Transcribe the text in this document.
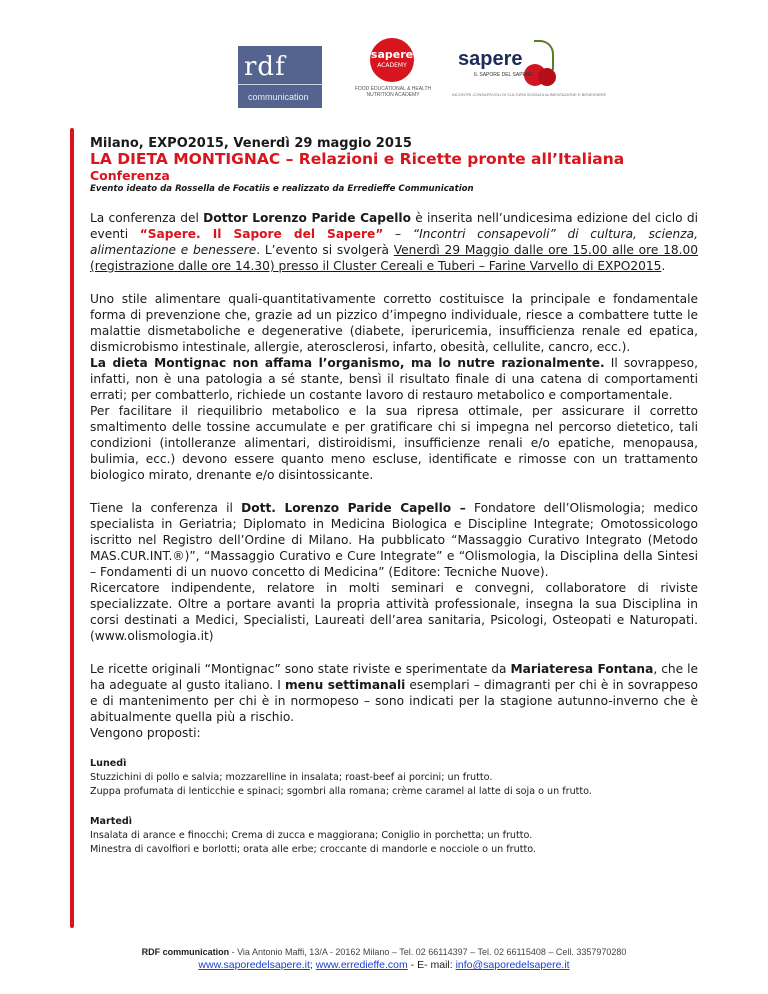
rdf
communication
sapere
ACADEMY
FOOD EDUCATIONAL & HEALTH NUTRITION ACADEMY
sapere
IL SAPORE DEL SAPERE
INCONTRI CONSAPEVOLI DI CULTURA SCIENZA ALIMENTAZIONE E BENESSERE
Milano, EXPO2015, Venerdì 29 maggio 2015
LA DIETA MONTIGNAC – Relazioni e Ricette pronte all’Italiana
Conferenza
Evento ideato da Rossella de Focatiis e realizzato da Erredieffe Communication

La conferenza del Dottor Lorenzo Paride Capello è inserita nell’undicesima edizione del ciclo di eventi “Sapere. Il Sapore del Sapere” – “Incontri consapevoli” di cultura, scienza, alimentazione e benessere. L’evento si svolgerà Venerdì 29 Maggio dalle ore 15.00 alle ore 18.00 (registrazione dalle ore 14.30) presso il Cluster Cereali e Tuberi – Farine Varvello di EXPO2015.

Uno stile alimentare quali-quantitativamente corretto costituisce la principale e fondamentale forma di prevenzione che, grazie ad un pizzico d’impegno individuale, riesce a combattere tutte le malattie dismetaboliche e degenerative (diabete, iperuricemia, insufficienza renale ed epatica, dismicrobismo intestinale, allergie, aterosclerosi, infarto, obesità, cellulite, cancro, ecc.).
La dieta Montignac non affama l’organismo, ma lo nutre razionalmente. Il sovrappeso, infatti, non è una patologia a sé stante, bensì il risultato finale di una catena di comportamenti errati; per combatterlo, richiede un costante lavoro di restauro metabolico e comportamentale.
Per facilitare il riequilibrio metabolico e la sua ripresa ottimale, per assicurare il corretto smaltimento delle tossine accumulate e per gratificare chi si impegna nel percorso dietetico, tali condizioni (intolleranze alimentari, distiroidismi, insufficienze renali e/o epatiche, menopausa, bulimia, ecc.) devono essere quanto meno escluse, identificate e rimosse con un trattamento biologico mirato, drenante e/o disintossicante.

Tiene la conferenza il Dott. Lorenzo Paride Capello – Fondatore dell’Olismologia; medico specialista in Geriatria; Diplomato in Medicina Biologica e Discipline Integrate; Omotossicologo iscritto nel Registro dell’Ordine di Milano. Ha pubblicato “Massaggio Curativo Integrato (Metodo MAS.CUR.INT.®)”, “Massaggio Curativo e Cure Integrate” e “Olismologia, la Disciplina della Sintesi – Fondamenti di un nuovo concetto di Medicina” (Editore: Tecniche Nuove).
Ricercatore indipendente, relatore in molti seminari e convegni, collaboratore di riviste specializzate. Oltre a portare avanti la propria attività professionale, insegna la sua Disciplina in corsi destinati a Medici, Specialisti, Laureati dell’area sanitaria, Psicologi, Osteopati e Naturopati. (www.olismologia.it)

Le ricette originali “Montignac” sono state riviste e sperimentate da Mariateresa Fontana, che le ha adeguate al gusto italiano. I menu settimanali esemplari – dimagranti per chi è in sovrappeso e di mantenimento per chi è in normopeso – sono indicati per la stagione autunno-inverno che è abitualmente quella più a rischio.
Vengono proposti:

Lunedì

Stuzzichini di pollo e salvia; mozzarelline in insalata; roast-beef ai porcini; un frutto.

Zuppa profumata di lenticchie e spinaci; sgombri alla romana; crème caramel al latte di soja o un frutto.

Martedì

Insalata di arance e finocchi; Crema di zucca e maggiorana; Coniglio in porchetta; un frutto.

Minestra di cavolfiori e borlotti; orata alle erbe; croccante di mandorle e nocciole o un frutto.

RDF communication - Via Antonio Maffi, 13/A - 20162 Milano – Tel. 02 66114397 – Tel. 02 66115408 – Cell. 3357970280
www.saporedelsapere.it; www.erredieffe.com - E- mail: info@saporedelsapere.it
